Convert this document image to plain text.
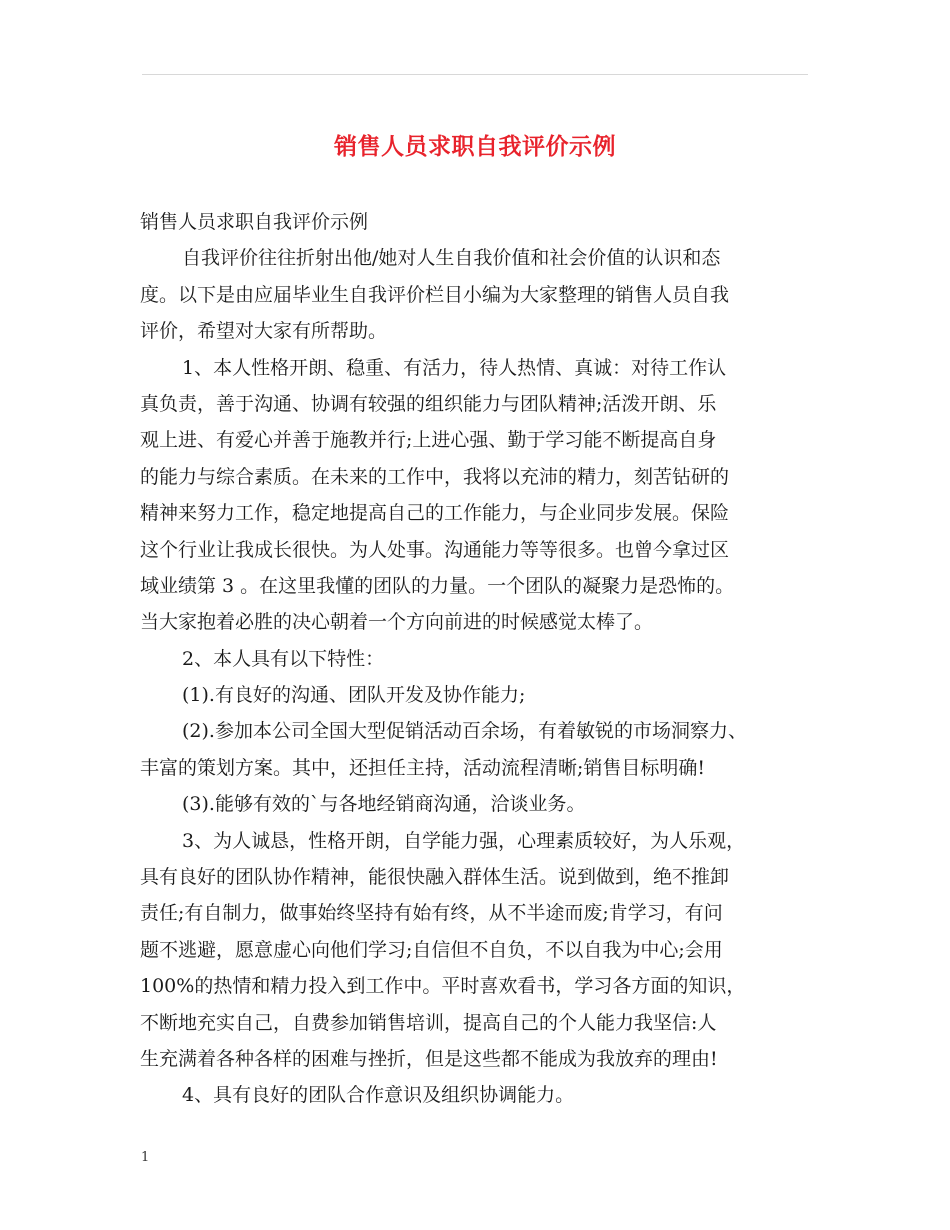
销售人员求职自我评价示例
销售人员求职自我评价示例
自我评价往往折射出他/她对人生自我价值和社会价值的认识和态
度。以下是由应届毕业生自我评价栏目小编为大家整理的销售人员自我
评价，希望对大家有所帮助。
1、本人性格开朗、稳重、有活力，待人热情、真诚：对待工作认
真负责，善于沟通、协调有较强的组织能力与团队精神;活泼开朗、乐
观上进、有爱心并善于施教并行;上进心强、勤于学习能不断提高自身
的能力与综合素质。在未来的工作中，我将以充沛的精力，刻苦钻研的
精神来努力工作，稳定地提高自己的工作能力，与企业同步发展。保险
这个行业让我成长很快。为人处事。沟通能力等等很多。也曾今拿过区
域业绩第 3 。在这里我懂的团队的力量。一个团队的凝聚力是恐怖的。
当大家抱着必胜的决心朝着一个方向前进的时候感觉太棒了。
2、本人具有以下特性：
(1).有良好的沟通、团队开发及协作能力;
(2).参加本公司全国大型促销活动百余场，有着敏锐的市场洞察力、
丰富的策划方案。其中，还担任主持，活动流程清晰;销售目标明确!
(3).能够有效的`与各地经销商沟通，洽谈业务。
3、为人诚恳，性格开朗，自学能力强，心理素质较好，为人乐观，
具有良好的团队协作精神，能很快融入群体生活。说到做到，绝不推卸
责任;有自制力，做事始终坚持有始有终，从不半途而废;肯学习，有问
题不逃避，愿意虚心向他们学习;自信但不自负，不以自我为中心;会用
100%的热情和精力投入到工作中。平时喜欢看书，学习各方面的知识，
不断地充实自己，自费参加销售培训，提高自己的个人能力我坚信:人
生充满着各种各样的困难与挫折，但是这些都不能成为我放弃的理由!
4、具有良好的团队合作意识及组织协调能力。
1
